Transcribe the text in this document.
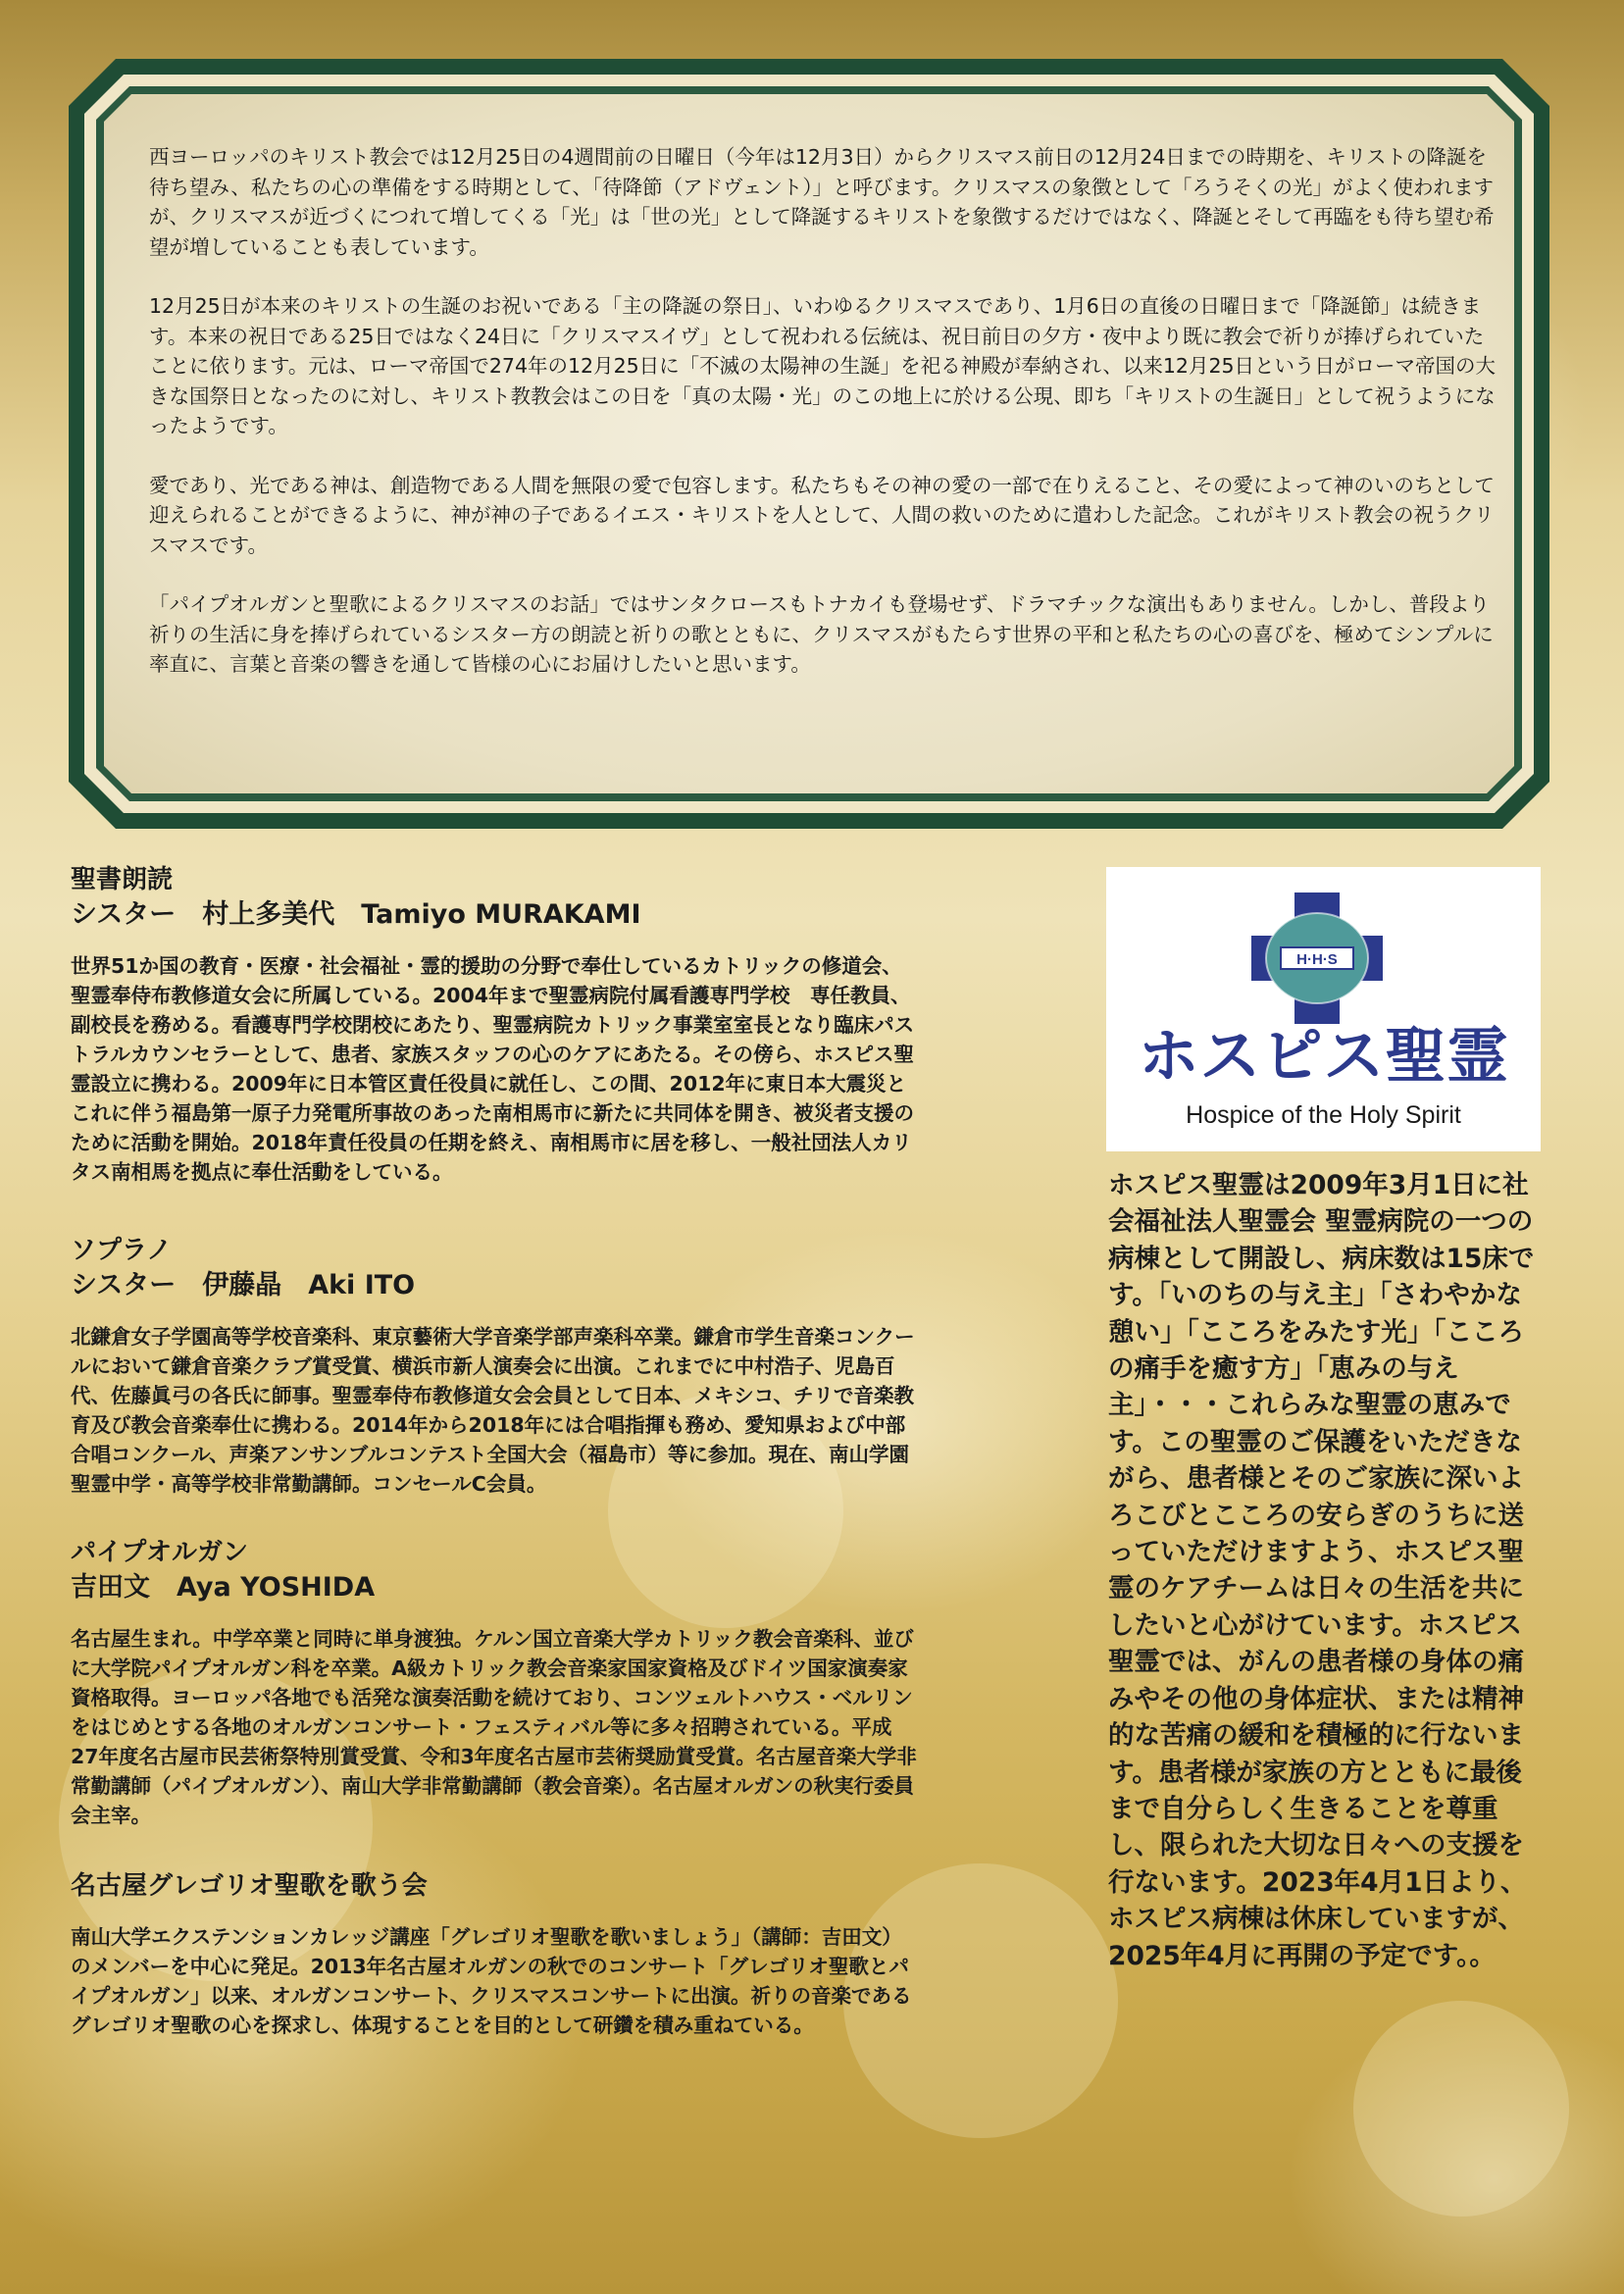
西ヨーロッパのキリスト教会では12月25日の4週間前の日曜日（今年は12月3日）からクリスマス前日の12月24日までの時期を、キリストの降誕を待ち望み、私たちの心の準備をする時期として、「待降節（アドヴェント）」と呼びます。クリスマスの象徴として「ろうそくの光」がよく使われますが、クリスマスが近づくにつれて増してくる「光」は「世の光」として降誕するキリストを象徴するだけではなく、降誕とそして再臨をも待ち望む希望が増していることも表しています。

12月25日が本来のキリストの生誕のお祝いである「主の降誕の祭日」、いわゆるクリスマスであり、1月6日の直後の日曜日まで「降誕節」は続きます。本来の祝日である25日ではなく24日に「クリスマスイヴ」として祝われる伝統は、祝日前日の夕方・夜中より既に教会で祈りが捧げられていたことに依ります。元は、ローマ帝国で274年の12月25日に「不滅の太陽神の生誕」を祀る神殿が奉納され、以来12月25日という日がローマ帝国の大きな国祭日となったのに対し、キリスト教教会はこの日を「真の太陽・光」のこの地上に於ける公現、即ち「キリストの生誕日」として祝うようになったようです。

愛であり、光である神は、創造物である人間を無限の愛で包容します。私たちもその神の愛の一部で在りえること、その愛によって神のいのちとして迎えられることができるように、神が神の子であるイエス・キリストを人として、人間の救いのために遣わした記念。これがキリスト教会の祝うクリスマスです。

「パイプオルガンと聖歌によるクリスマスのお話」ではサンタクロースもトナカイも登場せず、ドラマチックな演出もありません。しかし、普段より祈りの生活に身を捧げられているシスター方の朗読と祈りの歌とともに、クリスマスがもたらす世界の平和と私たちの心の喜びを、極めてシンプルに率直に、言葉と音楽の響きを通して皆様の心にお届けしたいと思います。

聖書朗読

シスター　村上多美代　Tamiyo MURAKAMI

世界51か国の教育・医療・社会福祉・霊的援助の分野で奉仕しているカトリックの修道会、聖霊奉侍布教修道女会に所属している。2004年まで聖霊病院付属看護専門学校　専任教員、副校長を務める。看護専門学校閉校にあたり、聖霊病院カトリック事業室室長となり臨床パストラルカウンセラーとして、患者、家族スタッフの心のケアにあたる。その傍ら、ホスピス聖霊設立に携わる。2009年に日本管区責任役員に就任し、この間、2012年に東日本大震災とこれに伴う福島第一原子力発電所事故のあった南相馬市に新たに共同体を開き、被災者支援のために活動を開始。2018年責任役員の任期を終え、南相馬市に居を移し、一般社団法人カリタス南相馬を拠点に奉仕活動をしている。

ソプラノ

シスター　伊藤晶　Aki ITO

北鎌倉女子学園高等学校音楽科、東京藝術大学音楽学部声楽科卒業。鎌倉市学生音楽コンクールにおいて鎌倉音楽クラブ賞受賞、横浜市新人演奏会に出演。これまでに中村浩子、児島百代、佐藤眞弓の各氏に師事。聖霊奉侍布教修道女会会員として日本、メキシコ、チリで音楽教育及び教会音楽奉仕に携わる。2014年から2018年には合唱指揮も務め、愛知県および中部合唱コンクール、声楽アンサンブルコンテスト全国大会（福島市）等に参加。現在、南山学園聖霊中学・高等学校非常勤講師。コンセールC会員。

パイプオルガン

吉田文　Aya YOSHIDA

名古屋生まれ。中学卒業と同時に単身渡独。ケルン国立音楽大学カトリック教会音楽科、並びに大学院パイプオルガン科を卒業。A級カトリック教会音楽家国家資格及びドイツ国家演奏家資格取得。ヨーロッパ各地でも活発な演奏活動を続けており、コンツェルトハウス・ベルリンをはじめとする各地のオルガンコンサート・フェスティバル等に多々招聘されている。平成27年度名古屋市民芸術祭特別賞受賞、令和3年度名古屋市芸術奨励賞受賞。名古屋音楽大学非常勤講師（パイプオルガン）、南山大学非常勤講師（教会音楽）。名古屋オルガンの秋実行委員会主宰。

名古屋グレゴリオ聖歌を歌う会

南山大学エクステンションカレッジ講座「グレゴリオ聖歌を歌いましょう」（講師：吉田文）のメンバーを中心に発足。2013年名古屋オルガンの秋でのコンサート「グレゴリオ聖歌とパイプオルガン」以来、オルガンコンサート、クリスマスコンサートに出演。祈りの音楽であるグレゴリオ聖歌の心を探求し、体現することを目的として研鑽を積み重ねている。

H·H·S
ホスピス聖霊
Hospice of the Holy Spirit

ホスピス聖霊は2009年3月1日に社会福祉法人聖霊会 聖霊病院の一つの病棟として開設し、病床数は15床です。「いのちの与え主」「さわやかな憩い」「こころをみたす光」「こころの痛手を癒す方」「恵みの与え主」・・・これらみな聖霊の恵みです。この聖霊のご保護をいただきながら、患者様とそのご家族に深いよろこびとこころの安らぎのうちに送っていただけますよう、ホスピス聖霊のケアチームは日々の生活を共にしたいと心がけています。ホスピス聖霊では、がんの患者様の身体の痛みやその他の身体症状、または精神的な苦痛の緩和を積極的に行ないます。患者様が家族の方とともに最後まで自分らしく生きることを尊重し、限られた大切な日々への支援を行ないます。2023年4月1日より、ホスピス病棟は休床していますが、2025年4月に再開の予定です。。
